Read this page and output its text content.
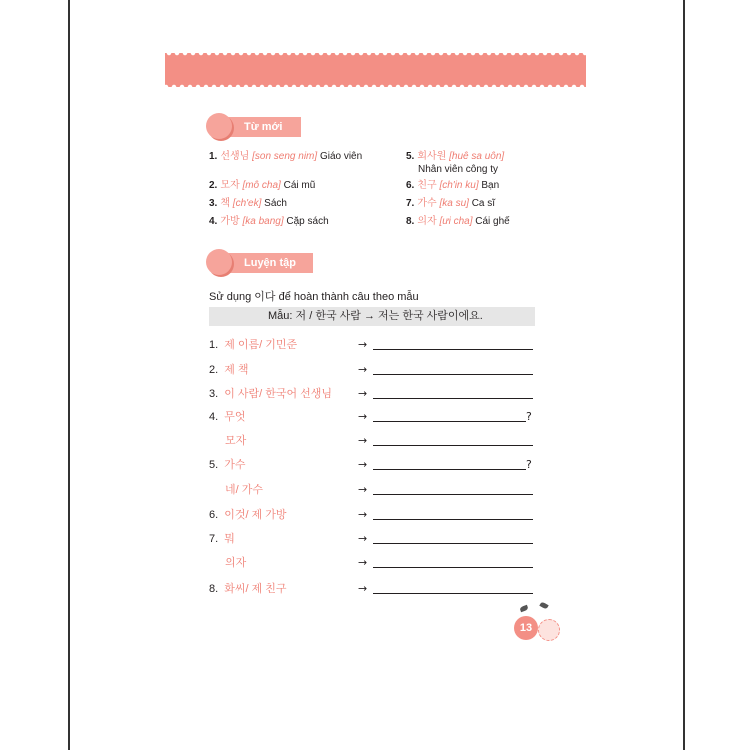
Từ mới
1. 선생님 [son seng nim] Giáo viên
2. 모자 [mô cha] Cái mũ
3. 책 [ch'ek] Sách
4. 가방 [ka bang] Cặp sách
5. 회사원 [huê sa uôn]
Nhân viên công ty
6. 친구 [ch'in ku] Bạn
7. 가수 [ka su] Ca sĩ
8. 의자 [ưi cha] Cái ghế
Luyện tập
Sử dụng 이다 để hoàn thành câu theo mẫu
Mẫu: 저 / 한국 사람 → 저는 한국 사람이에요.
1. 제 이름/ 기민준	→
2. 제 책	→
3. 이 사람/ 한국어 선생님 →
4. 무엇	→	?
모자	→
5. 가수	→	?
네/ 가수	→
6. 이것/ 제 가방	→
7. 뭐	→
의자	→
8. 화씨/ 제 친구	→
13
